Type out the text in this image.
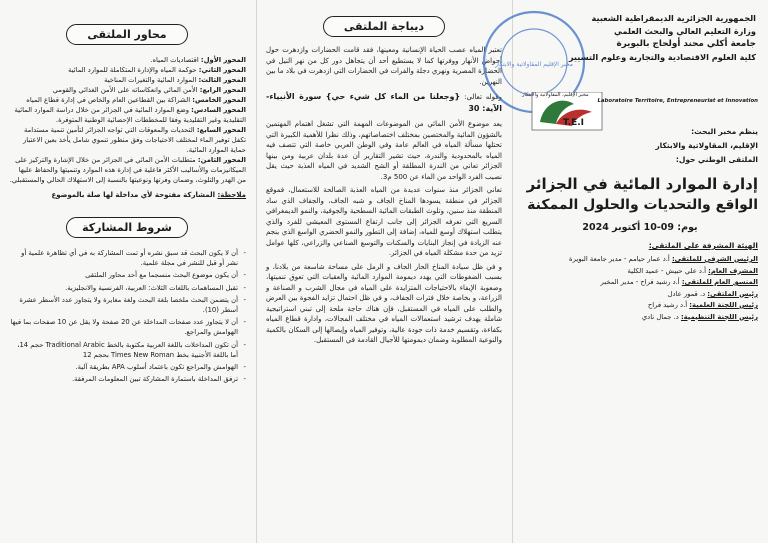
محاور الملتقى

المحور الأول: اقتصاديات المياه.

المحور الثاني: حوكمة المياه والإدارة المتكاملة للموارد المائية

المحور الثالث: الموارد المائية والتغيرات المناخية

المحور الرابع: الأمن المائي وانعكاساته على الأمن الغذائي والقومي

المحور الخامس: الشراكة بين القطاعين العام والخاص في إدارة قطاع المياه

المحور السادس: وضع الموارد المائية في الجزائر من خلال دراسة الموارد المائية التقليدية وغير التقليدية وفقا للمخططات الإحصائية الوطنية المتوفرة.

المحور السابع: التحديات والمعوقات التي تواجه الجزائر لتأمين تنمية مستدامة تكفل توفير الماء لمختلف الاحتياجات وفق منظور تنموي شامل يأخذ بعين الاعتبار حماية الموارد المائية.

المحور الثامن: متطلبات الأمن المائي في الجزائر من خلال الإشارة والتركيز على الميكانيزمات والأساليب الأكثر فاعلية في إدارة هذه الموارد وتنميتها والحفاظ عليها من الهدر والتلوث، وضمان وفرتها ونوعيتها بالنسبة إلى الاستهلاك الحالي والمستقبلي.

ملاحظة: المشاركة مفتوحة لأي مداخلة لها صلة بالموضوع

شروط المشاركة

- أن لا يكون البحث قد سبق نشره أو تمت المشاركة به في أي تظاهرة علمية أو نشر أو قبل للنشر في مجلة علمية.

- أن يكون موضوع البحث منسجما مع أحد محاور الملتقى

- تقبل المساهمات باللغات الثلاث: العربية، الفرنسية والانجليزية.

- أن يتضمن البحث ملخصا بلغة البحث ولغة مغايرة ولا يتجاوز عدد الأسطر عشرة أسطر (10).

- أن لا يتجاوز عدد صفحات المداخلة عن 20 صفحة ولا يقل عن 10 صفحات بما فيها الهوامش والمراجع.

- أن تكون المداخلات باللغة العربية مكتوبة بالخط Traditional Arabic حجم 14، أما باللغة الأجنبية بخط Times New Roman بحجم 12

- الهوامش والمراجع تكون باعتماد أسلوب APA بطريقة آلية.

- ترفق المداخلة باستمارة المشاركة تبين المعلومات المرفقة.

ديباجة الملتقى

تعتبر المياه عصب الحياة الإنسانية ومعينها، فقد قامت الحضارات وازدهرت حول أحواض الأنهار ووفرتها كما لا يستطيع أحد أن يتجاهل دور كل من نهر النيل في الحضارة المصرية ونهري دجلة والفرات في الحضارات التي ازدهرت في بلاد ما بين النهرين.

وقوله تعالى: {وجعلنا من الماء كل شيء حي} سورة الأنبياء- الآية: 30

يعد موضوع الأمن المائي من الموضوعات المهمة التي تشغل اهتمام المهتمين بالشؤون المائية والمختصين بمختلف اختصاصاتهم، وذلك نظرا للأهمية الكبيرة التي تحتلها مسألة المياه في العالم عامة وفي الوطن العربي خاصة التي تتصف فيه المياه بالمحدودية والندرة، حيث تشير التقارير أن عدة بلدان عربية ومن بينها الجزائر تعاني من الندرة المطلقة أو الشح الشديد في المياه العذبة حيث يقل نصيب الفرد الواحد من الماء عن 500 م3.

تعاني الجزائر منذ سنوات عديدة من المياه العذبة الصالحة للاستعمال، فموقع الجزائر في منطقة يسودها المناخ الجاف و شبه الجاف، والجفاف الذي ساد المنطقة منذ سنين، وتلوث الطبقات المائية السطحية والجوفية، والنمو الديمغرافي السريع التي تعرفه الجزائر إلى جانب ارتفاع المستوى المعيشي للفرد والذي يتطلب استهلاك أوسع للمياه، إضافة إلى التطور والنمو الحضري الواسع الذي ينجم عنه الزيادة في إنجاز البنايات والسكنات والتوسع الصناعي والزراعي، كلها عوامل تزيد من حدة مشكلة المياه في الجزائر.

و في ظل سيادة المناخ الحار الجاف و الرمل على مساحة شاسعة من بلادنا، و بسبب الضغوطات التي يهدد ديمومة الموارد المائية والعقبات التي تعوق تنميتها، وصعوبة الإيفاء بالاحتياجات المتزايدة على المياه في مجال الشرب و الصناعة و الزراعة، و بخاصة خلال فترات الجفاف، و في ظل احتمال تزايد الفجوة بين العرض والطلب على المياه في المستقبل، فإن هناك حاجة ملحة إلى تبني استراتيجية شاملة يهدف ترشيد استعمالات المياه في مختلف المجالات، وادارة قطاع المياه بكفاءة، وتقسيم خدمة ذات جودة عالية، وتوفير المياه وإيصالها إلى السكان بالكمية والنوعية المطلوبة وضمان ديمومتها للأجيال القادمة في المستقبل.

مخبر الإقليم المقاولاتية والابتكار

الجمهورية الجزائرية الديمقراطية الشعبية

وزارة التعليم العالي والبحث العلمي

جامعة أكلي محند أولحاج بالبويرة

كلية العلوم الاقتصادية والتجارية وعلوم التسيير

T.E.I

مخبر الإقليم، المقاولاتية والابتكار

Laboratoire Territoire, Entrepreneuriat et Innovation

ينظم مخبر البحث:

الإقليم، المقاولاتية والابتكار

الملتقى الوطني حول:

إدارة الموارد المائية في الجزائر

الواقع والتحديات والحلول الممكنة

يوم: 09-10 أكتوبر 2024

الهيئة المشرفة على الملتقى:

الرئيس الشرفي للملتقى: أ.د عمار حيامم - مدير جامعة البويرة

المشرف العام: أ.د علي حبيش - عميد الكلية

المنسق العام للملتقى: أ.د رشيد فراح - مدير المخبر

رئيس الملتقى: د. قمور عادل

رئيس اللجنة العلمية: أ.د رشيد فراح

رئيس اللجنة التنظيمية: د. جمال نادي
